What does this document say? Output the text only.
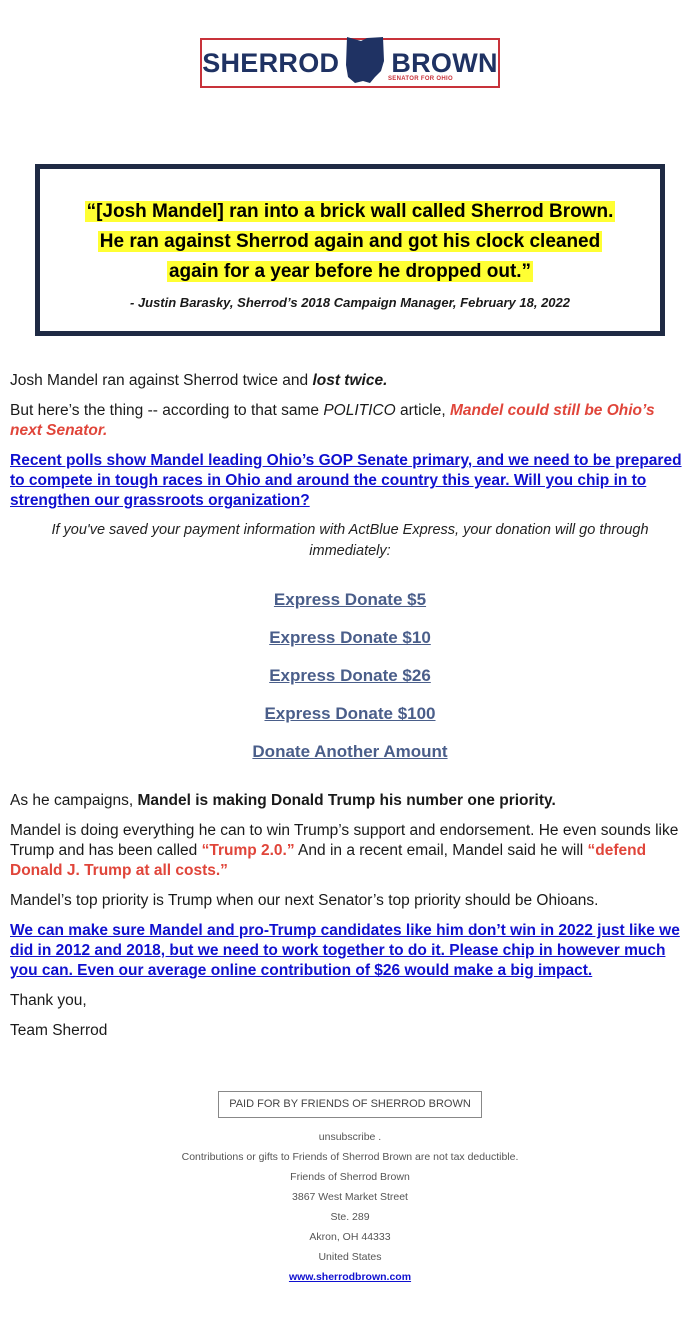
SHERROD BROWN
SENATOR FOR OHIO
“[Josh Mandel] ran into a brick wall called Sherrod Brown.
He ran against Sherrod again and got his clock cleaned
again for a year before he dropped out.”
- Justin Barasky, Sherrod’s 2018 Campaign Manager, February 18, 2022
Josh Mandel ran against Sherrod twice and lost twice.
But here’s the thing -- according to that same POLITICO article, Mandel could still be Ohio’s next Senator.
Recent polls show Mandel leading Ohio’s GOP Senate primary, and we need to be prepared to compete in tough races in Ohio and around the country this year. Will you chip in to strengthen our grassroots organization?
If you've saved your payment information with ActBlue Express, your donation will go through immediately:
Express Donate $5
Express Donate $10
Express Donate $26
Express Donate $100
Donate Another Amount
As he campaigns, Mandel is making Donald Trump his number one priority.
Mandel is doing everything he can to win Trump’s support and endorsement. He even sounds like Trump and has been called “Trump 2.0.” And in a recent email, Mandel said he will “defend Donald J. Trump at all costs.”
Mandel’s top priority is Trump when our next Senator’s top priority should be Ohioans.
We can make sure Mandel and pro-Trump candidates like him don’t win in 2022 just like we did in 2012 and 2018, but we need to work together to do it. Please chip in however much you can. Even our average online contribution of $26 would make a big impact.
Thank you,
Team Sherrod
PAID FOR BY FRIENDS OF SHERROD BROWN
unsubscribe .
Contributions or gifts to Friends of Sherrod Brown are not tax deductible.
Friends of Sherrod Brown
3867 West Market Street
Ste. 289
Akron, OH 44333
United States
www.sherrodbrown.com
